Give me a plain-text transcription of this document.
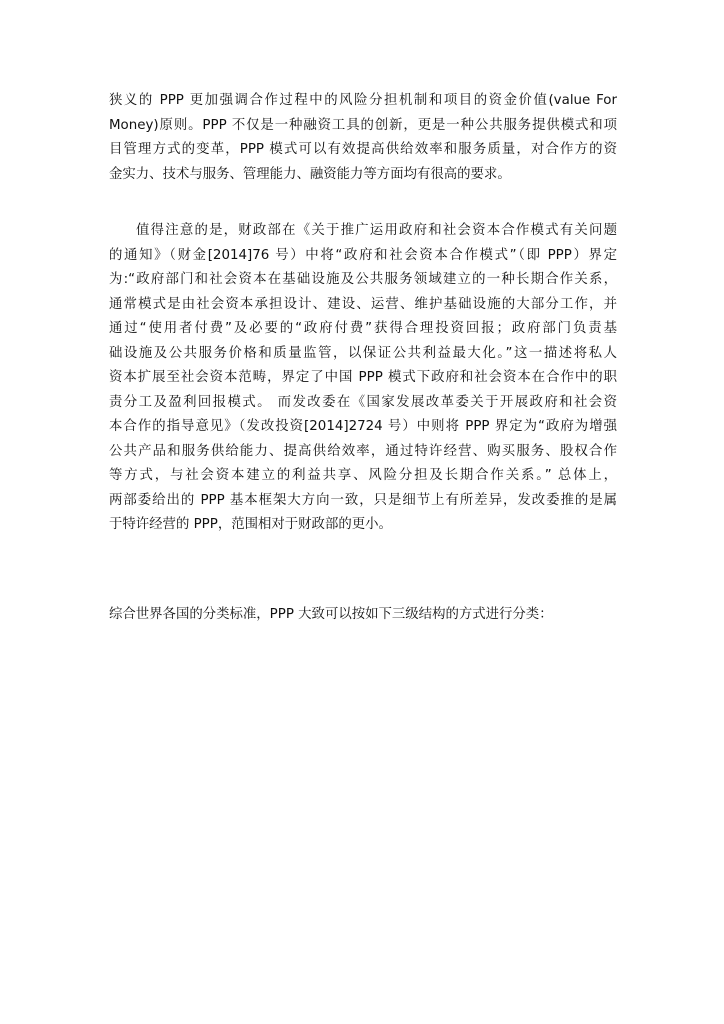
狭义的 PPP 更加强调合作过程中的风险分担机制和项目的资金价值(value For
Money)原则。PPP 不仅是一种融资工具的创新，更是一种公共服务提供模式和项
目管理方式的变革，PPP 模式可以有效提高供给效率和服务质量，对合作方的资
金实力、技术与服务、管理能力、融资能力等方面均有很高的要求。
值得注意的是，财政部在《关于推广运用政府和社会资本合作模式有关问题
的通知》（财金[2014]76 号）中将“政府和社会资本合作模式”（即 PPP）界定
为:“政府部门和社会资本在基础设施及公共服务领域建立的一种长期合作关系，
通常模式是由社会资本承担设计、建设、运营、维护基础设施的大部分工作，并
通过“使用者付费”及必要的“政府付费”获得合理投资回报；政府部门负责基
础设施及公共服务价格和质量监管，以保证公共利益最大化。”这一描述将私人
资本扩展至社会资本范畴，界定了中国 PPP 模式下政府和社会资本在合作中的职
责分工及盈利回报模式。 而发改委在《国家发展改革委关于开展政府和社会资
本合作的指导意见》（发改投资[2014]2724 号）中则将 PPP 界定为“政府为增强
公共产品和服务供给能力、提高供给效率，通过特许经营、购买服务、股权合作
等方式，与社会资本建立的利益共享、风险分担及长期合作关系。” 总体上，
两部委给出的 PPP 基本框架大方向一致，只是细节上有所差异，发改委推的是属
于特许经营的 PPP，范围相对于财政部的更小。
综合世界各国的分类标准，PPP 大致可以按如下三级结构的方式进行分类：
